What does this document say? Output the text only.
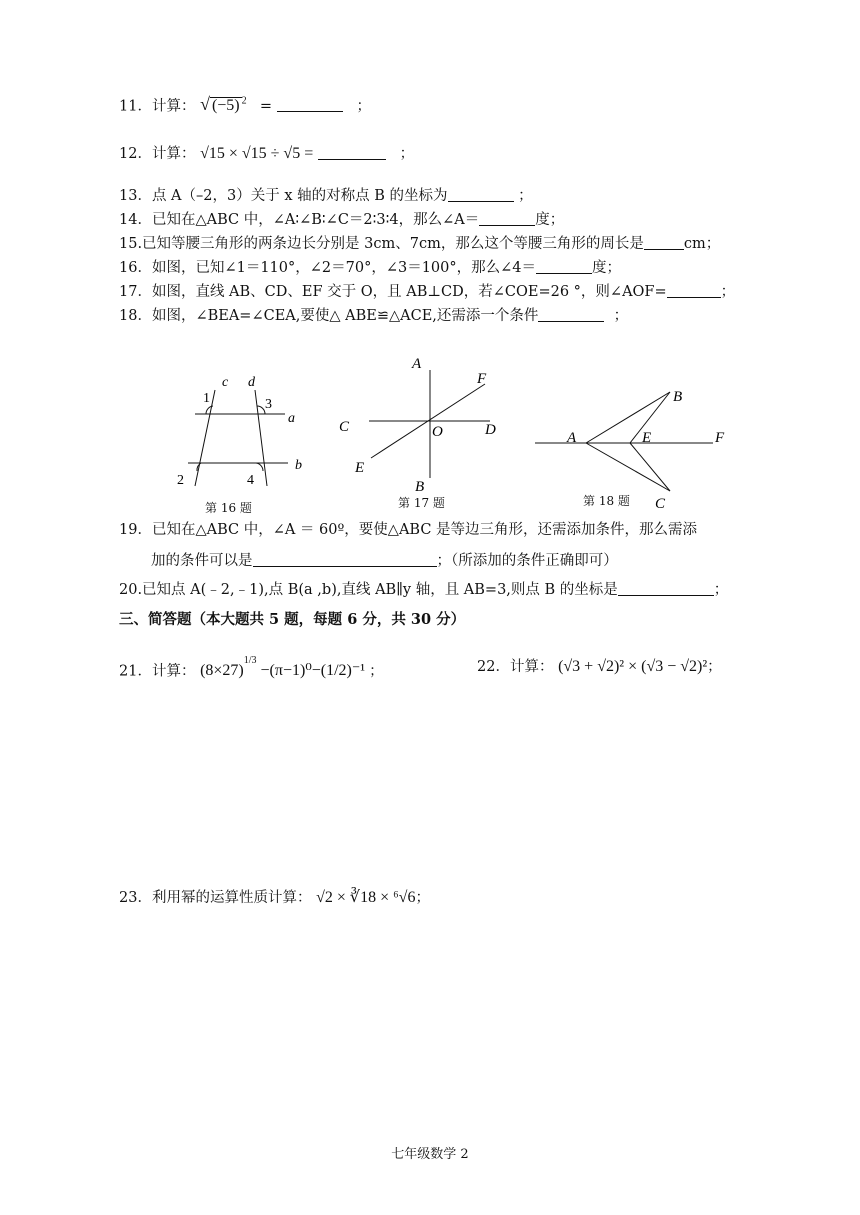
11．计算： √ (−5) $^2$ =	；
12．计算： √15 × √15 ÷ √5 =	；
13．点 A（–2，3）关于 x 轴的对称点 B 的坐标为	；
14．已知在△ABC 中，∠A∶∠B∶∠C＝2∶3∶4，那么∠A＝	度；
15.已知等腰三角形的两条边长分别是 3cm、7cm，那么这个等腰三角形的周长是	cm；
16．如图，已知∠1＝110°，∠2＝70°，∠3＝100°，那么∠4＝	度；
17．如图，直线 AB、CD、EF 交于 O，且 AB⊥CD，若∠COE=26 °，则∠AOF=	；
18．如图，∠BEA=∠CEA,要使△ ABE≌△ACE,还需添一个条件	；
c d
a
b
1	3
2	4
第 16 题
A
B
C	D
E
F
O
第 17 题
A
B
C
E	F
第 18 题
19．已知在△ABC 中，∠A ＝ 60º，要使△ABC 是等边三角形，还需添加条件，那么需添
加的条件可以是	；（所添加的条件正确即可）
20.已知点 A(﹣2,﹣1),点 B(a ,b),直线 AB∥y 轴，且 AB=3,则点 B 的坐标是	；
三、简答题（本大题共 5 题，每题 6 分，共 30 分）
21．计算： $(8\times 27)^{1/3} -(\pi-1)^0-(1/2)^{-1}$ ；	22．计算： (√3 + √2)² × (√3 − √2)²；
23．利用幂的运算性质计算： √2 × ∛18 × ⁶√6；
七年级数学 2
